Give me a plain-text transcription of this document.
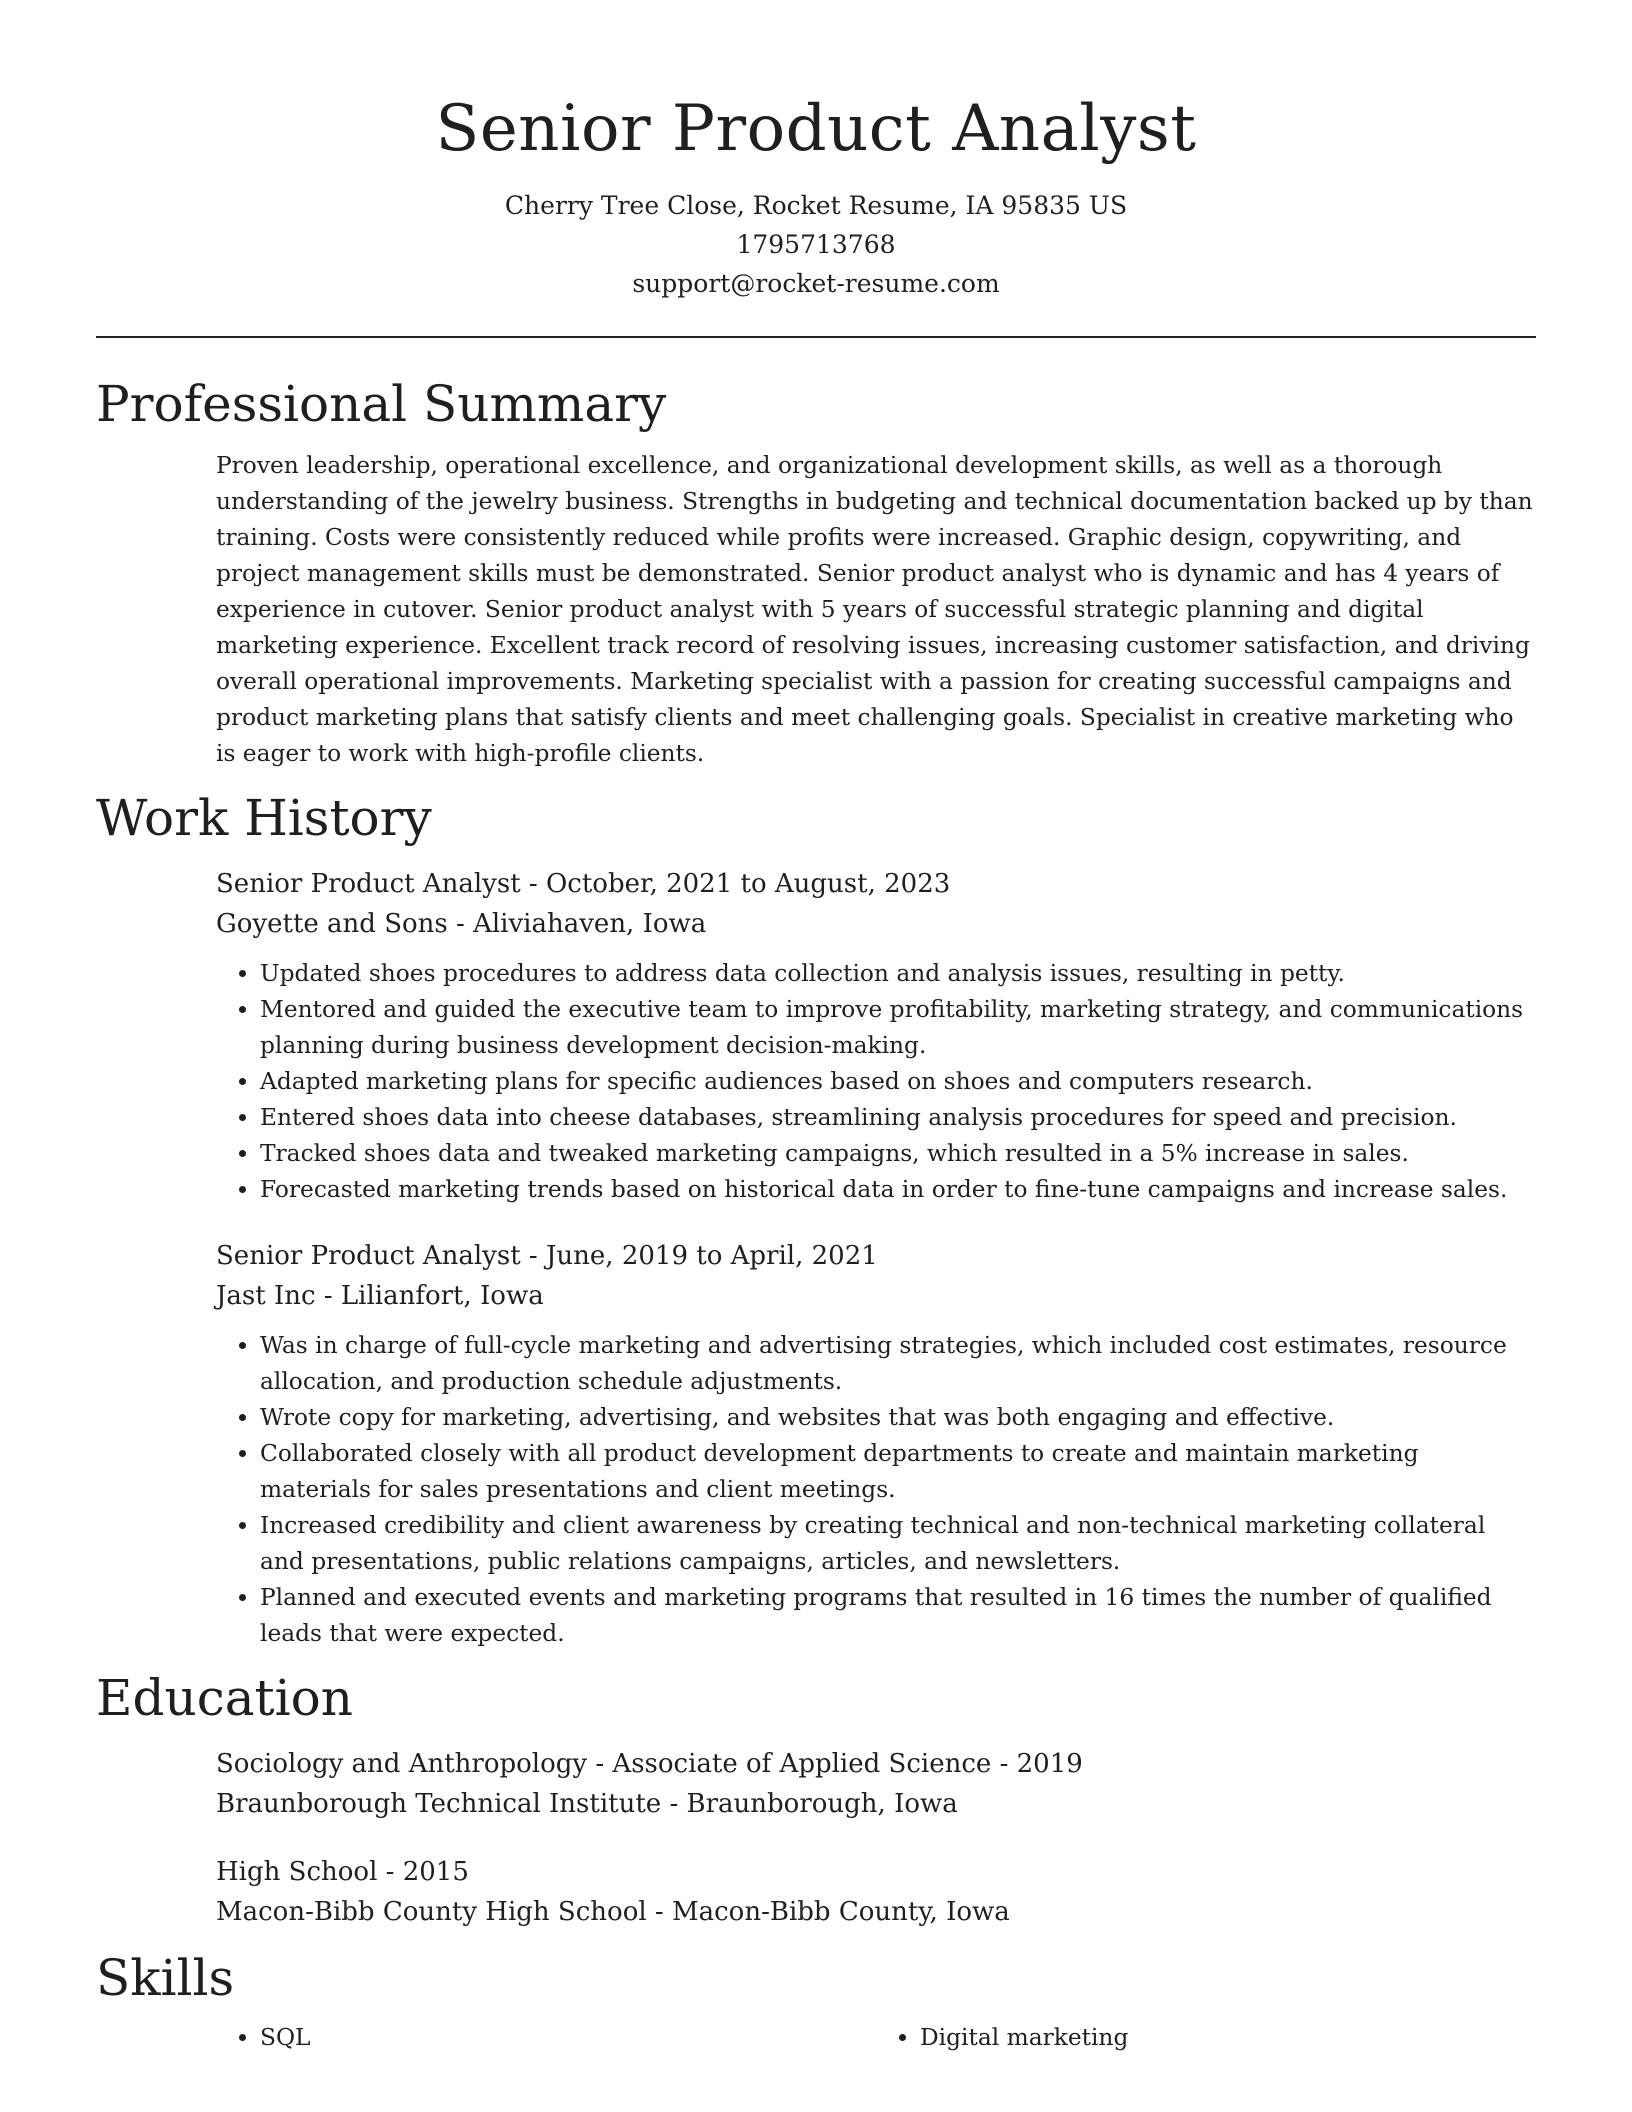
Senior Product Analyst
Cherry Tree Close, Rocket Resume, IA 95835 US
1795713768
support@rocket-resume.com
Professional Summary

Proven leadership, operational excellence, and organizational development skills, as well as a thorough understanding of the jewelry business. Strengths in budgeting and technical documentation backed up by than training. Costs were consistently reduced while profits were increased. Graphic design, copywriting, and project management skills must be demonstrated. Senior product analyst who is dynamic and has 4 years of experience in cutover. Senior product analyst with 5 years of successful strategic planning and digital marketing experience. Excellent track record of resolving issues, increasing customer satisfaction, and driving overall operational improvements. Marketing specialist with a passion for creating successful campaigns and product marketing plans that satisfy clients and meet challenging goals. Specialist in creative marketing who is eager to work with high-profile clients.

Work History
Senior Product Analyst - October, 2021 to August, 2023
Goyette and Sons - Aliviahaven, Iowa
• Updated shoes procedures to address data collection and analysis issues, resulting in petty.
• Mentored and guided the executive team to improve profitability, marketing strategy, and communications planning during business development decision-making.
• Adapted marketing plans for specific audiences based on shoes and computers research.
• Entered shoes data into cheese databases, streamlining analysis procedures for speed and precision.
• Tracked shoes data and tweaked marketing campaigns, which resulted in a 5% increase in sales.
• Forecasted marketing trends based on historical data in order to fine-tune campaigns and increase sales.
Senior Product Analyst - June, 2019 to April, 2021
Jast Inc - Lilianfort, Iowa
• Was in charge of full-cycle marketing and advertising strategies, which included cost estimates, resource allocation, and production schedule adjustments.
• Wrote copy for marketing, advertising, and websites that was both engaging and effective.
• Collaborated closely with all product development departments to create and maintain marketing materials for sales presentations and client meetings.
• Increased credibility and client awareness by creating technical and non-technical marketing collateral and presentations, public relations campaigns, articles, and newsletters.
• Planned and executed events and marketing programs that resulted in 16 times the number of qualified leads that were expected.
Education
Sociology and Anthropology - Associate of Applied Science - 2019
Braunborough Technical Institute - Braunborough, Iowa
High School - 2015
Macon-Bibb County High School - Macon-Bibb County, Iowa
Skills
• SQL
•	Digital marketing
